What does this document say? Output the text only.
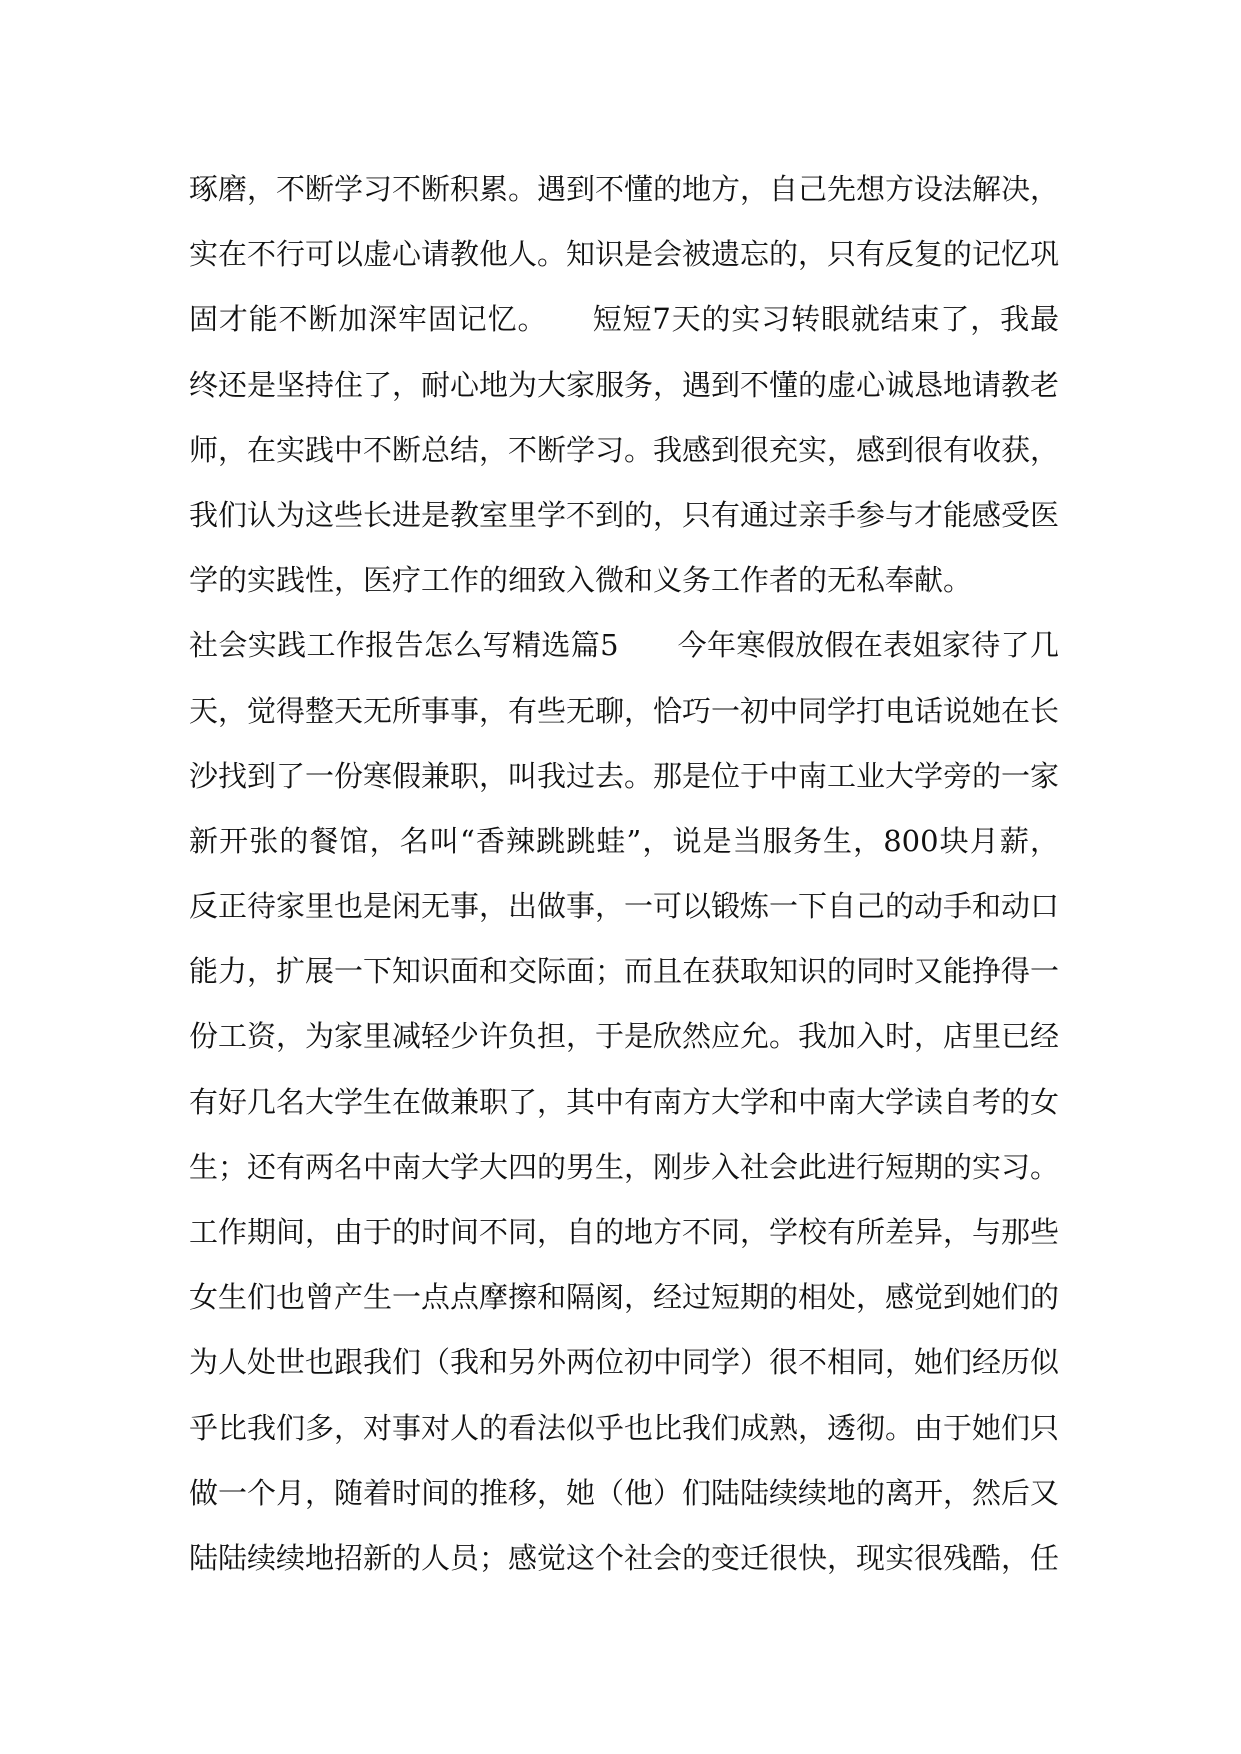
琢磨，不断学习不断积累。遇到不懂的地方，自己先想方设法解决，
实在不行可以虚心请教他人。知识是会被遗忘的，只有反复的记忆巩
固才能不断加深牢固记忆。　　短短7天的实习转眼就结束了，我最
终还是坚持住了，耐心地为大家服务，遇到不懂的虚心诚恳地请教老
师，在实践中不断总结，不断学习。我感到很充实，感到很有收获，
我们认为这些长进是教室里学不到的，只有通过亲手参与才能感受医
学的实践性，医疗工作的细致入微和义务工作者的无私奉献。
社会实践工作报告怎么写精选篇5　　今年寒假放假在表姐家待了几
天，觉得整天无所事事，有些无聊，恰巧一初中同学打电话说她在长
沙找到了一份寒假兼职，叫我过去。那是位于中南工业大学旁的一家
新开张的餐馆，名叫“香辣跳跳蛙”，说是当服务生，800块月薪，
反正待家里也是闲无事，出做事，一可以锻炼一下自己的动手和动口
能力，扩展一下知识面和交际面；而且在获取知识的同时又能挣得一
份工资，为家里减轻少许负担，于是欣然应允。我加入时，店里已经
有好几名大学生在做兼职了，其中有南方大学和中南大学读自考的女
生；还有两名中南大学大四的男生，刚步入社会此进行短期的实习。
工作期间，由于的时间不同，自的地方不同，学校有所差异，与那些
女生们也曾产生一点点摩擦和隔阂，经过短期的相处，感觉到她们的
为人处世也跟我们（我和另外两位初中同学）很不相同，她们经历似
乎比我们多，对事对人的看法似乎也比我们成熟，透彻。由于她们只
做一个月，随着时间的推移，她（他）们陆陆续续地的离开，然后又
陆陆续续地招新的人员；感觉这个社会的变迁很快，现实很残酷，任
